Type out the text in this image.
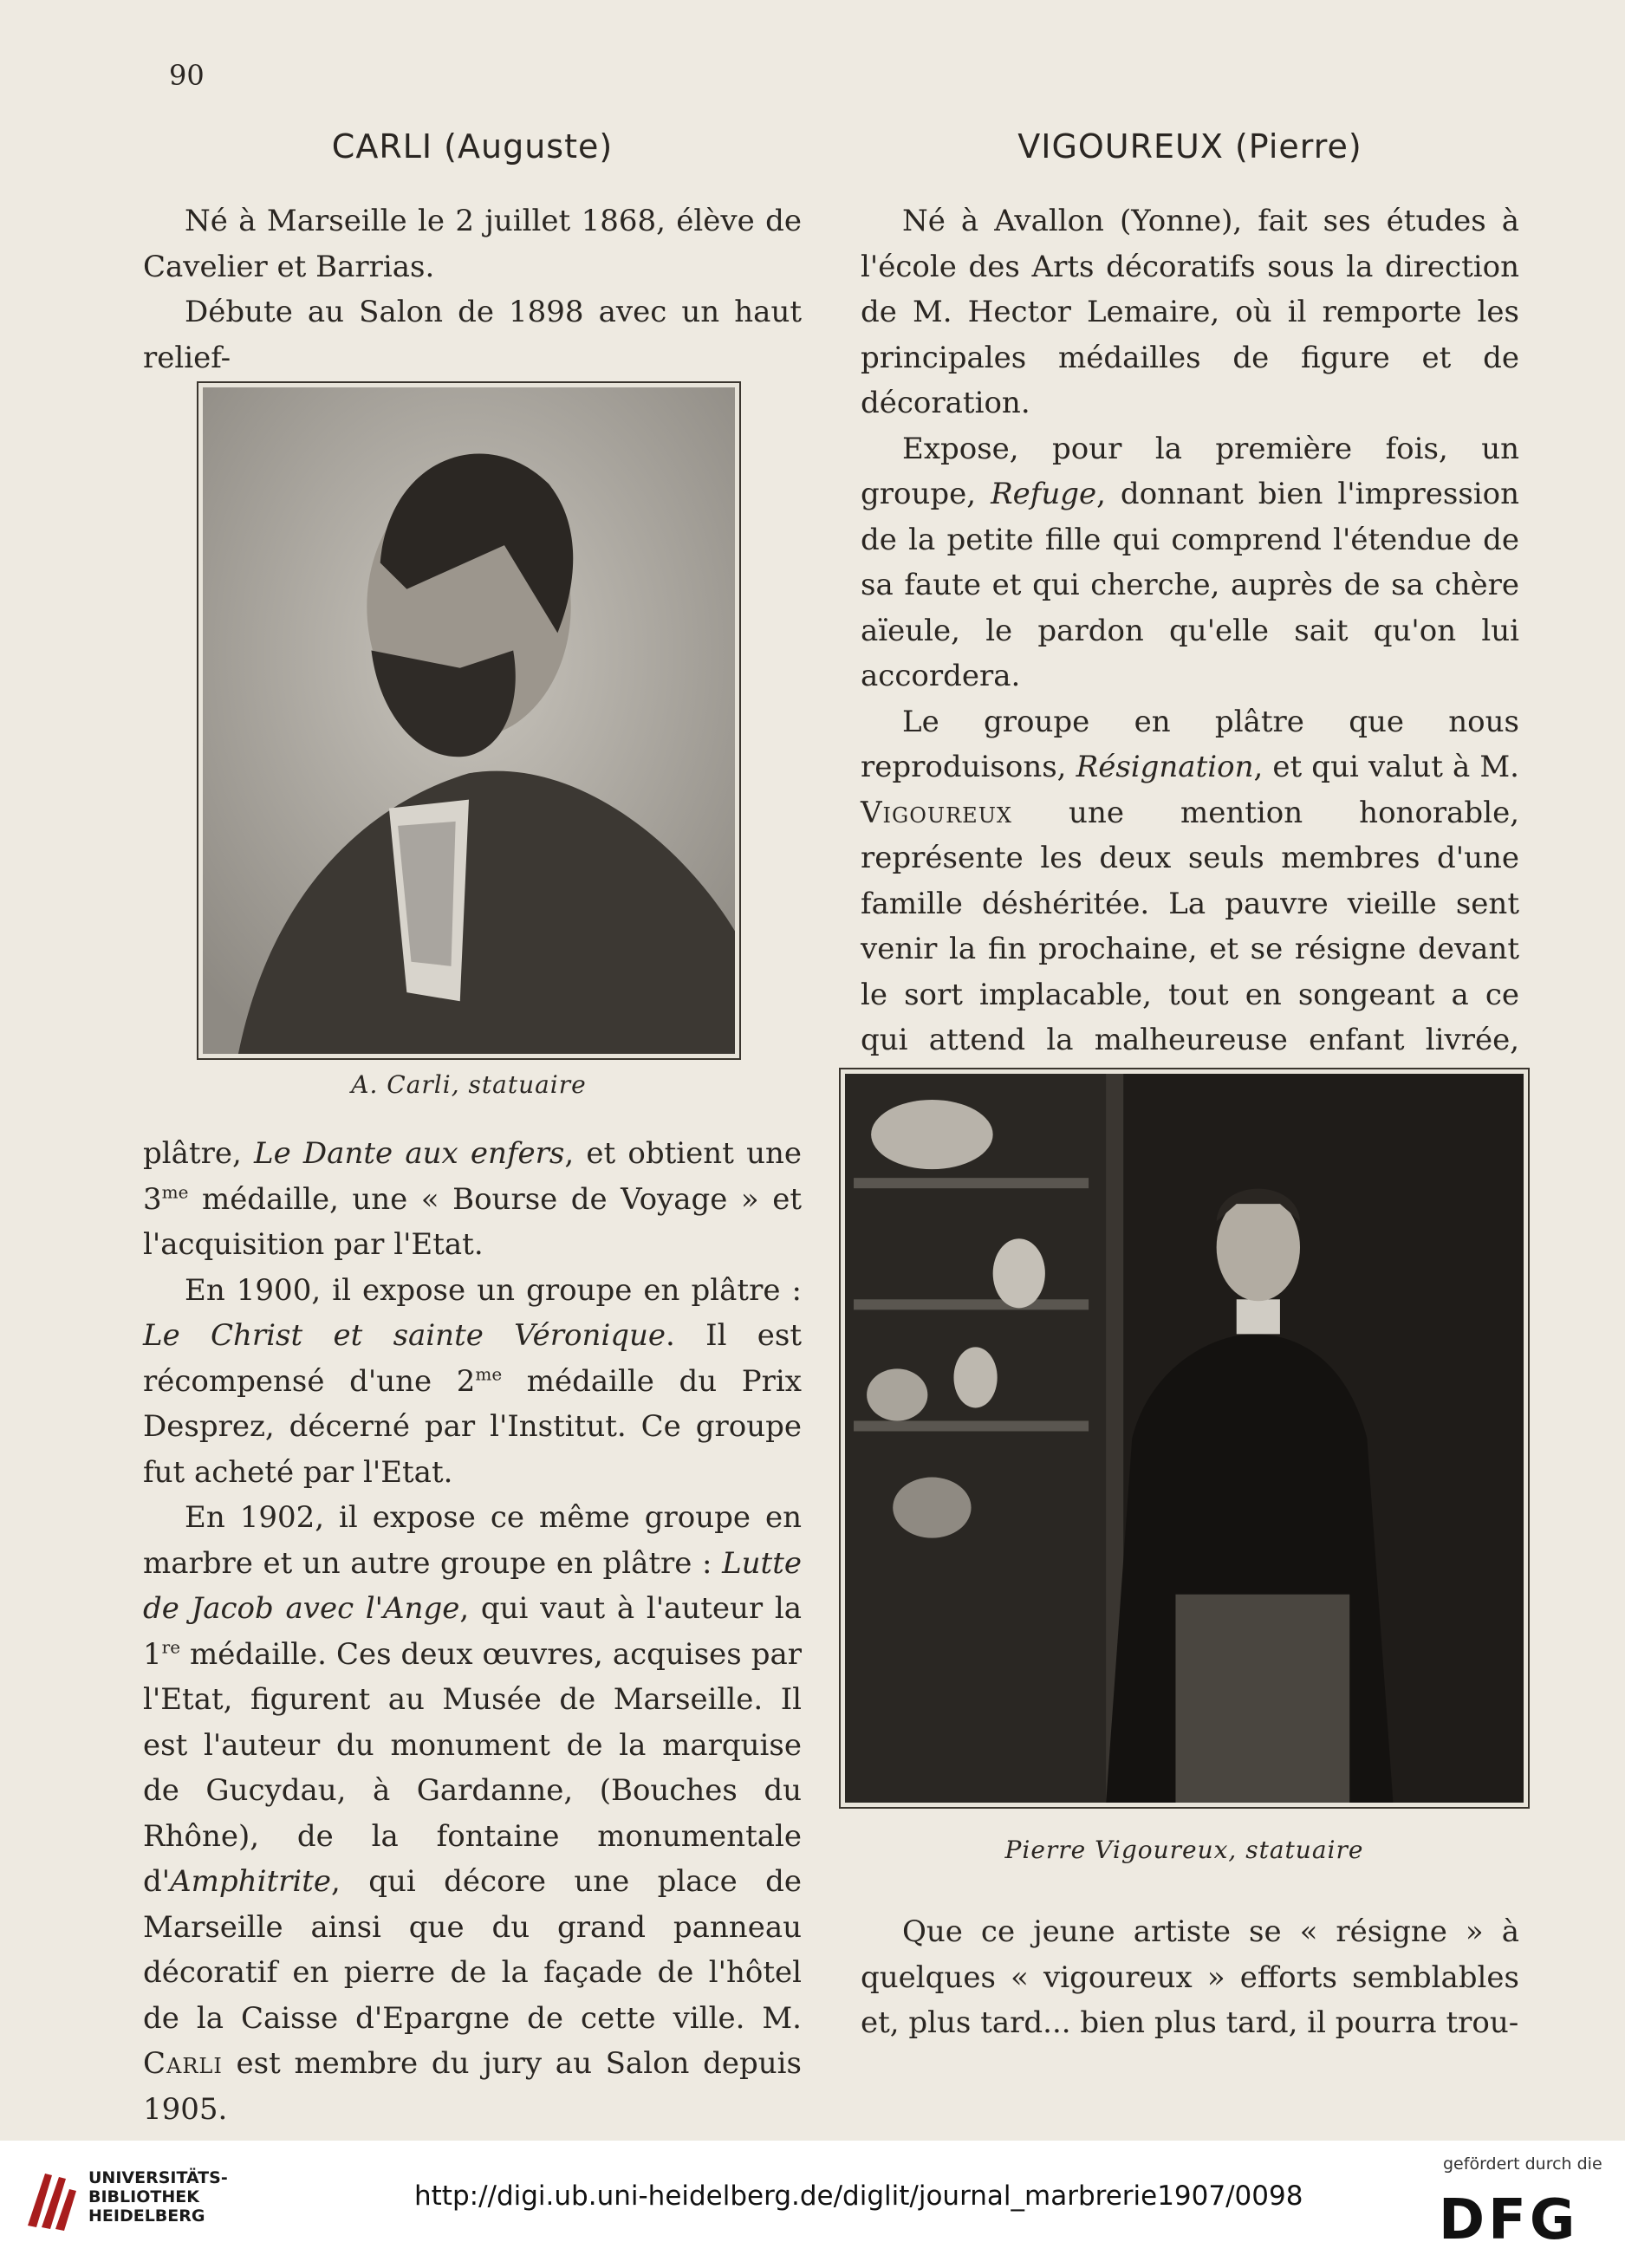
90
CARLI (Auguste)

Né à Marseille le 2 juillet 1868, élève de Cavelier et Barrias.

Débute au Salon de 1898 avec un haut relief-

A. Carli, statuaire

plâtre, Le Dante aux enfers, et obtient une $3^{me}$ médaille, une « Bourse de Voyage » et l'acquisition par l'Etat.

En 1900, il expose un groupe en plâtre : Le Christ et sainte Véronique. Il est récompensé d'une $2^{me}$ médaille du Prix Desprez, décerné par l'Institut. Ce groupe fut acheté par l'Etat.

En 1902, il expose ce même groupe en marbre et un autre groupe en plâtre : Lutte de Jacob avec l'Ange, qui vaut à l'auteur la 1re médaille. Ces deux œuvres, acquises par l'Etat, figurent au Musée de Marseille. Il est l'auteur du monument de la marquise de Gucydau, à Gardanne, (Bouches du Rhône), de la fontaine monumentale d'Amphitrite, qui décore une place de Marseille ainsi que du grand panneau décoratif en pierre de la façade de l'hôtel de la Caisse d'Epargne de cette ville. M. Carli est membre du jury au Salon depuis 1905.

VIGOUREUX (Pierre)

Né à Avallon (Yonne), fait ses études à l'école des Arts décoratifs sous la direction de M. Hector Lemaire, où il remporte les principales médailles de figure et de décoration.

Expose, pour la première fois, un groupe, Refuge, donnant bien l'impression de la petite fille qui comprend l'étendue de sa faute et qui cherche, auprès de sa chère aïeule, le pardon qu'elle sait qu'on lui accordera.

Le groupe en plâtre que nous reproduisons, Résignation, et qui valut à M. Vigoureux une mention honorable, représente les deux seuls membres d'une famille déshéritée. La pauvre vieille sent venir la fin prochaine, et se résigne devant le sort implacable, tout en songeant a ce qui attend la malheureuse enfant livrée,

Pierre Vigoureux, statuaire

Que ce jeune artiste se « résigne » à quelques « vigoureux » efforts semblables et, plus tard... bien plus tard, il pourra trou-

UNIVERSITÄTS-
BIBLIOTHEK
HEIDELBERG
http://digi.ub.uni-heidelberg.de/diglit/journal_marbrerie1907/0098
gefördert durch die
DFG
